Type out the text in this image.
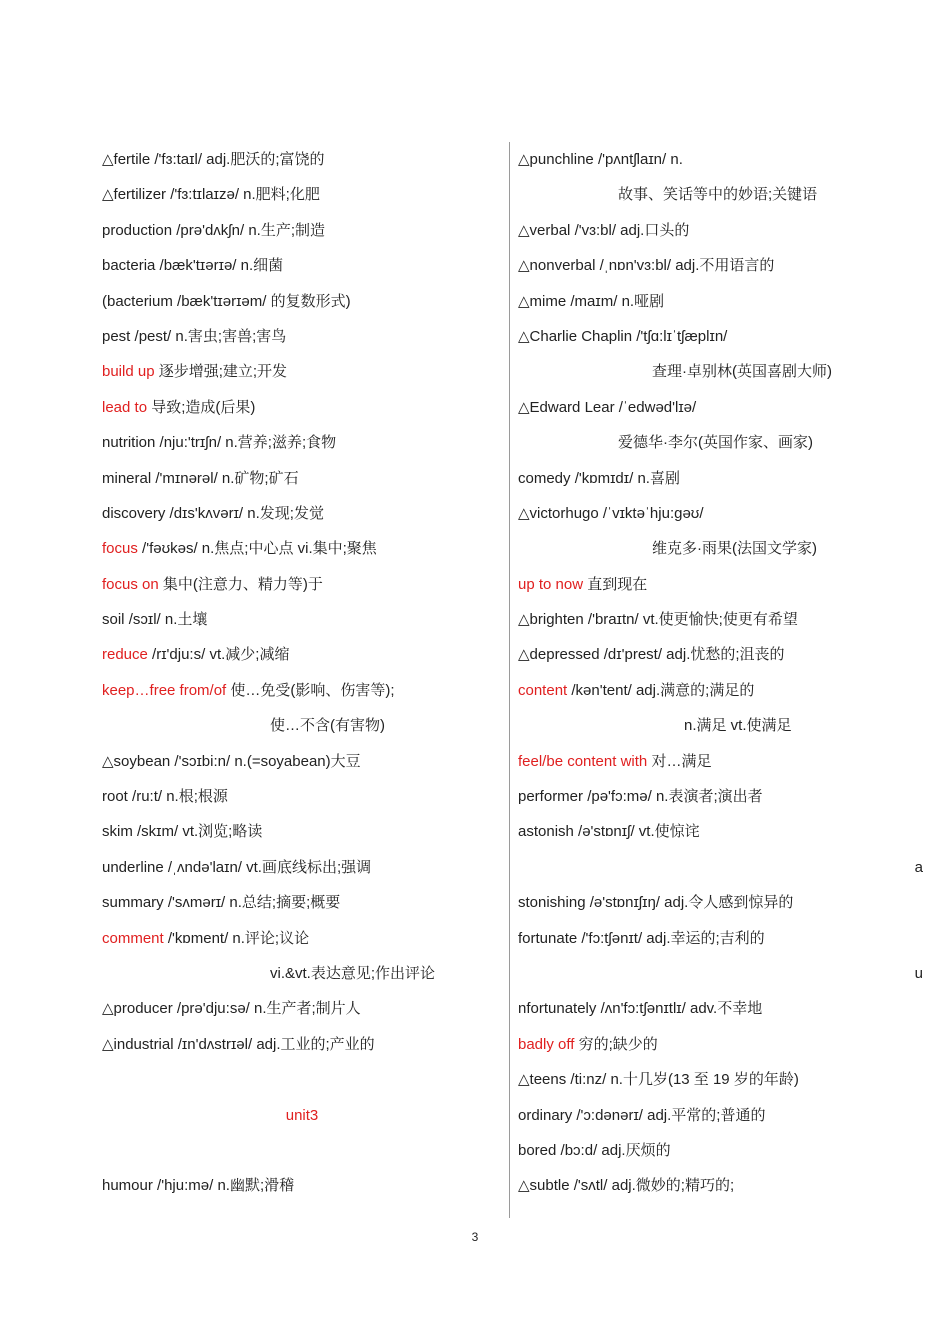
△fertile /'fɜ:taɪl/ adj.肥沃的;富饶的
△fertilizer /'fɜ:tɪlaɪzə/ n.肥料;化肥
production /prə'dʌkʃn/ n.生产;制造
bacteria /bæk'tɪərɪə/ n.细菌
(bacterium /bæk'tɪərɪəm/ 的复数形式)
pest /pest/ n.害虫;害兽;害鸟
build up 逐步增强;建立;开发
lead to 导致;造成(后果)
nutrition /nju:'trɪʃn/ n.营养;滋养;食物
mineral /'mɪnərəl/ n.矿物;矿石
discovery /dɪs'kʌvərɪ/ n.发现;发觉
focus /'fəʊkəs/ n.焦点;中心点 vi.集中;聚焦
focus on 集中(注意力、精力等)于
soil /sɔɪl/ n.土壤
reduce /rɪ'dju:s/ vt.减少;减缩
keep…free from/of 使…免受(影响、伤害等);
使…不含(有害物)
△soybean /'sɔɪbi:n/ n.(=soyabean)大豆
root /ru:t/ n.根;根源
skim /skɪm/ vt.浏览;略读
underline /ˌʌndə'laɪn/ vt.画底线标出;强调
summary /'sʌmərɪ/ n.总结;摘要;概要
comment /'kɒment/ n.评论;议论
vi.&vt.表达意见;作出评论
△producer /prə'dju:sə/ n.生产者;制片人
△industrial /ɪn'dʌstrɪəl/ adj.工业的;产业的
unit3
humour /'hju:mə/ n.幽默;滑稽
△punchline /'pʌntʃlaɪn/ n.
故事、笑话等中的妙语;关键语
△verbal /'vɜ:bl/ adj.口头的
△nonverbal /ˌnɒn'vɜ:bl/ adj.不用语言的
△mime /maɪm/ n.哑剧
△Charlie Chaplin /'tʃɑ:lɪˈtʃæplɪn/
查理·卓别林(英国喜剧大师)
△Edward Lear /ˈedwəd'lɪə/
爱德华·李尔(英国作家、画家)
comedy /'kɒmɪdɪ/ n.喜剧
△victorhugo /ˈvɪktəˈhju:gəʊ/
维克多·雨果(法国文学家)
up to now 直到现在
△brighten /'braɪtn/ vt.使更愉快;使更有希望
△depressed /dɪ'prest/ adj.忧愁的;沮丧的
content /kən'tent/ adj.满意的;满足的
n.满足 vt.使满足
feel/be content with 对…满足
performer /pə'fɔ:mə/ n.表演者;演出者
astonish /ə'stɒnɪʃ/ vt.使惊诧
a
stonishing /ə'stɒnɪʃɪŋ/ adj.令人感到惊异的
fortunate /'fɔ:tʃənɪt/ adj.幸运的;吉利的
u
nfortunately /ʌn'fɔ:tʃənɪtlɪ/ adv.不幸地
badly off 穷的;缺少的
△teens /ti:nz/ n.十几岁(13 至 19 岁的年龄)
ordinary /'ɔ:dənərɪ/ adj.平常的;普通的
bored /bɔ:d/ adj.厌烦的
△subtle /'sʌtl/ adj.微妙的;精巧的;
3
